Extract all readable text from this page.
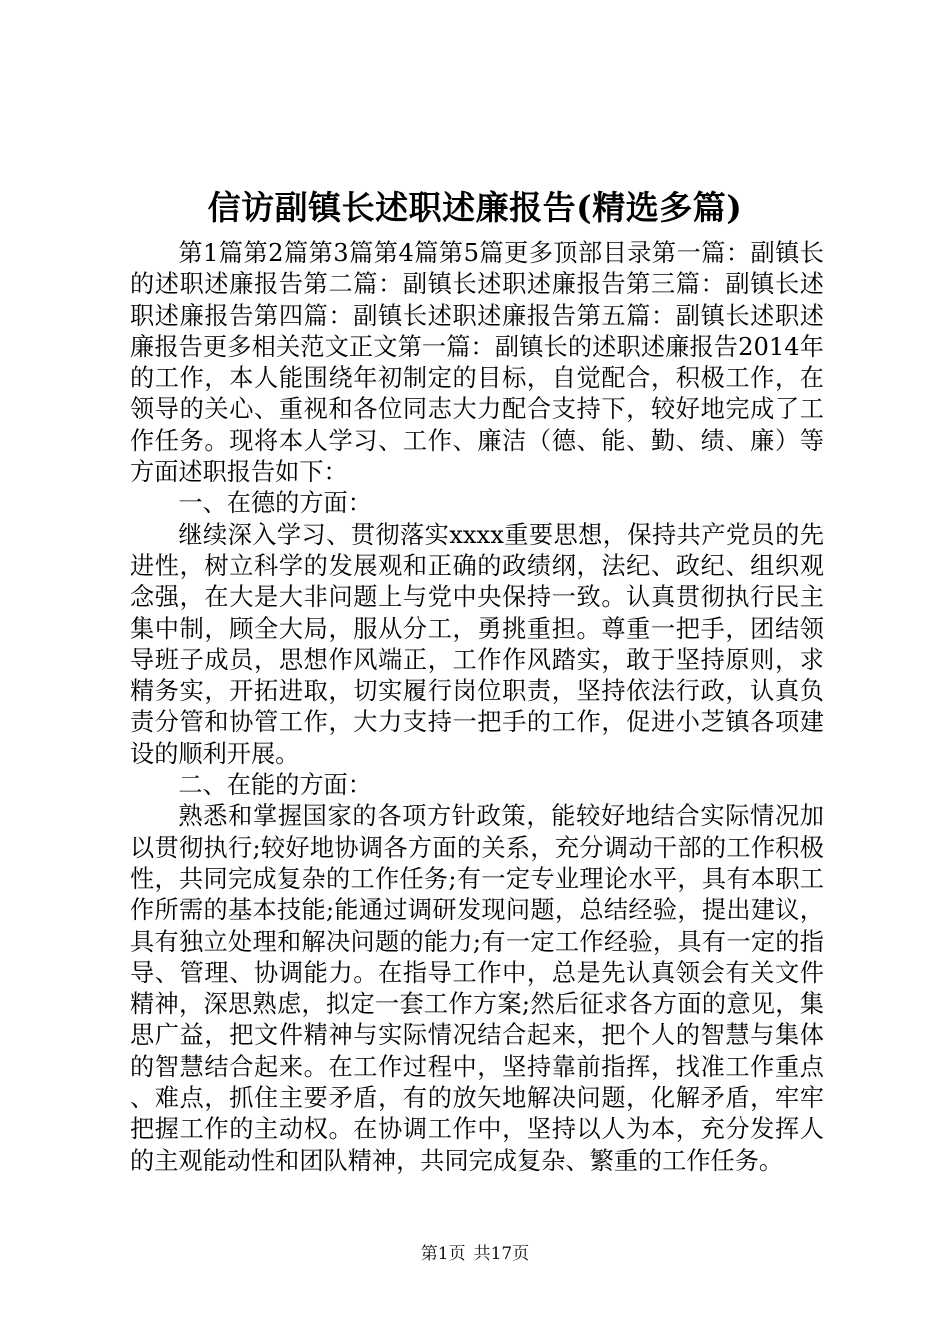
信访副镇长述职述廉报告(精选多篇)

第1篇第2篇第3篇第4篇第5篇更多顶部目录第一篇：副镇长的述职述廉报告第二篇：副镇长述职述廉报告第三篇：副镇长述职述廉报告第四篇：副镇长述职述廉报告第五篇：副镇长述职述廉报告更多相关范文正文第一篇：副镇长的述职述廉报告2014年的工作，本人能围绕年初制定的目标，自觉配合，积极工作，在领导的关心、重视和各位同志大力配合支持下，较好地完成了工作任务。现将本人学习、工作、廉洁（德、能、勤、绩、廉）等方面述职报告如下：

一、在德的方面：

继续深入学习、贯彻落实xxxx重要思想，保持共产党员的先进性，树立科学的发展观和正确的政绩纲，法纪、政纪、组织观念强，在大是大非问题上与党中央保持一致。认真贯彻执行民主集中制，顾全大局，服从分工，勇挑重担。尊重一把手，团结领导班子成员，思想作风端正，工作作风踏实，敢于坚持原则，求精务实，开拓进取，切实履行岗位职责，坚持依法行政，认真负责分管和协管工作，大力支持一把手的工作，促进小芝镇各项建设的顺利开展。

二、在能的方面：

熟悉和掌握国家的各项方针政策，能较好地结合实际情况加以贯彻执行;较好地协调各方面的关系，充分调动干部的工作积极性，共同完成复杂的工作任务;有一定专业理论水平，具有本职工作所需的基本技能;能通过调研发现问题，总结经验，提出建议，具有独立处理和解决问题的能力;有一定工作经验，具有一定的指导、管理、协调能力。在指导工作中，总是先认真领会有关文件精神，深思熟虑，拟定一套工作方案;然后征求各方面的意见，集思广益，把文件精神与实际情况结合起来，把个人的智慧与集体的智慧结合起来。在工作过程中，坚持靠前指挥，找准工作重点、难点，抓住主要矛盾，有的放矢地解决问题，化解矛盾，牢牢把握工作的主动权。在协调工作中，坚持以人为本，充分发挥人的主观能动性和团队精神，共同完成复杂、繁重的工作任务。

第1页 共17页
